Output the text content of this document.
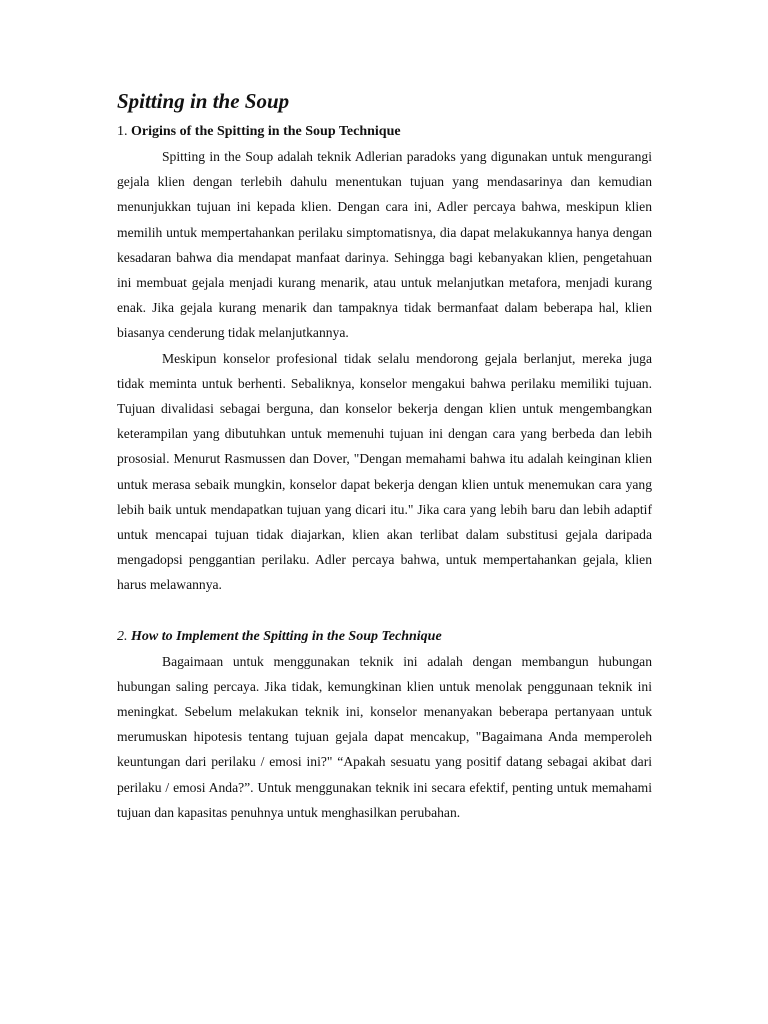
Spitting in the Soup
1. Origins of the Spitting in the Soup Technique

Spitting in the Soup adalah teknik Adlerian paradoks yang digunakan untuk mengurangi gejala klien dengan terlebih dahulu menentukan tujuan yang mendasarinya dan kemudian menunjukkan tujuan ini kepada klien. Dengan cara ini, Adler percaya bahwa, meskipun klien memilih untuk mempertahankan perilaku simptomatisnya, dia dapat melakukannya hanya dengan kesadaran bahwa dia mendapat manfaat darinya. Sehingga bagi kebanyakan klien, pengetahuan ini membuat gejala menjadi kurang menarik, atau untuk melanjutkan metafora, menjadi kurang enak. Jika gejala kurang menarik dan tampaknya tidak bermanfaat dalam beberapa hal, klien biasanya cenderung tidak melanjutkannya.

Meskipun konselor profesional tidak selalu mendorong gejala berlanjut, mereka juga tidak meminta untuk berhenti. Sebaliknya, konselor mengakui bahwa perilaku memiliki tujuan. Tujuan divalidasi sebagai berguna, dan konselor bekerja dengan klien untuk mengembangkan keterampilan yang dibutuhkan untuk memenuhi tujuan ini dengan cara yang berbeda dan lebih prososial. Menurut Rasmussen dan Dover, "Dengan memahami bahwa itu adalah keinginan klien untuk merasa sebaik mungkin, konselor dapat bekerja dengan klien untuk menemukan cara yang lebih baik untuk mendapatkan tujuan yang dicari itu." Jika cara yang lebih baru dan lebih adaptif untuk mencapai tujuan tidak diajarkan, klien akan terlibat dalam substitusi gejala daripada mengadopsi penggantian perilaku. Adler percaya bahwa, untuk mempertahankan gejala, klien harus melawannya.

2. How to Implement the Spitting in the Soup Technique

Bagaimaan untuk menggunakan teknik ini adalah dengan membangun hubungan hubungan saling percaya. Jika tidak, kemungkinan klien untuk menolak penggunaan teknik ini meningkat. Sebelum melakukan teknik ini, konselor menanyakan beberapa pertanyaan untuk merumuskan hipotesis tentang tujuan gejala dapat mencakup, "Bagaimana Anda memperoleh keuntungan dari perilaku / emosi ini?" “Apakah sesuatu yang positif datang sebagai akibat dari perilaku / emosi Anda?”. Untuk menggunakan teknik ini secara efektif, penting untuk memahami tujuan dan kapasitas penuhnya untuk menghasilkan perubahan.
